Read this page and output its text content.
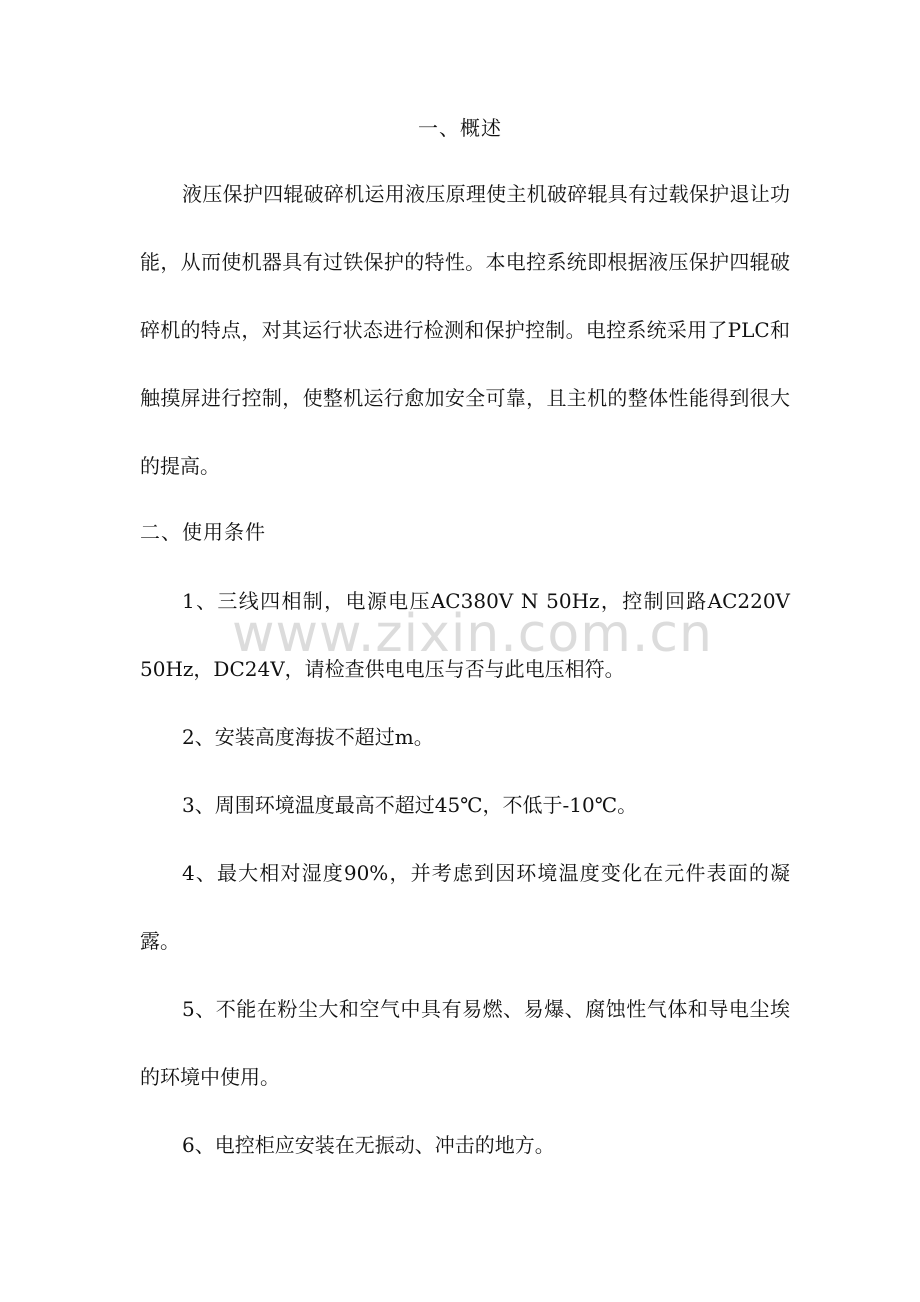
一、概述

液压保护四辊破碎机运用液压原理使主机破碎辊具有过载保护退让功能，从而使机器具有过铁保护的特性。本电控系统即根据液压保护四辊破碎机的特点，对其运行状态进行检测和保护控制。电控系统采用了PLC和触摸屏进行控制，使整机运行愈加安全可靠，且主机的整体性能得到很大的提高。

二、使用条件

1、三线四相制，电源电压AC380V N 50Hz，控制回路AC220V 50Hz，DC24V，请检查供电电压与否与此电压相符。

2、安装高度海拔不超过m。

3、周围环境温度最高不超过45℃，不低于-10℃。

4、最大相对湿度90%，并考虑到因环境温度变化在元件表面的凝露。

5、不能在粉尘大和空气中具有易燃、易爆、腐蚀性气体和导电尘埃的环境中使用。

6、电控柜应安装在无振动、冲击的地方。

www.zixin.com.cn
